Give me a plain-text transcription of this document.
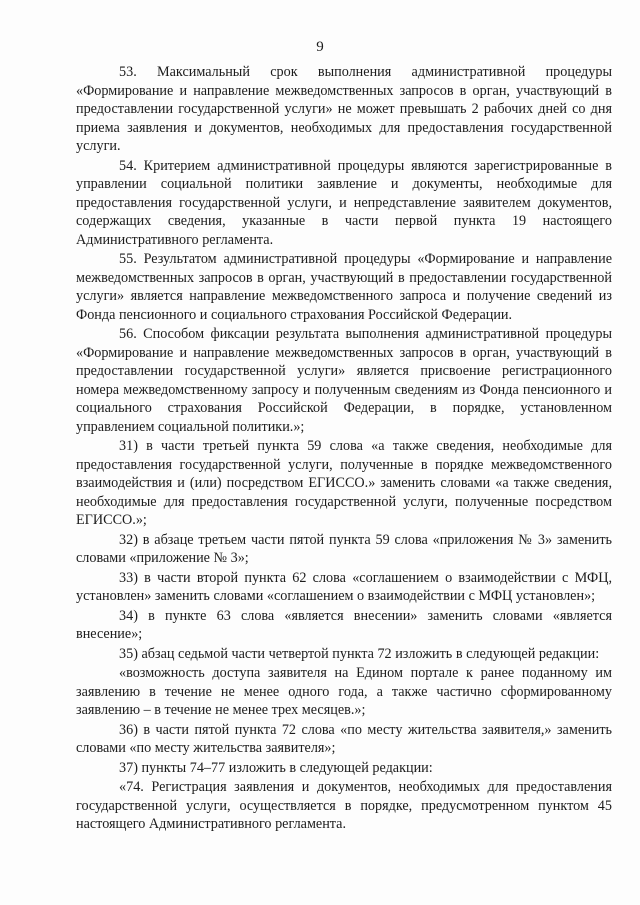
9

53. Максимальный срок выполнения административной процедуры «Формирование и направление межведомственных запросов в орган, участвующий в предоставлении государственной услуги» не может превышать 2 рабочих дней со дня приема заявления и документов, необходимых для предоставления государственной услуги.

54. Критерием административной процедуры являются зарегистрированные в управлении социальной политики заявление и документы, необходимые для предоставления государственной услуги, и непредставление заявителем документов, содержащих сведения, указанные в части первой пункта 19 настоящего Административного регламента.

55. Результатом административной процедуры «Формирование и направление межведомственных запросов в орган, участвующий в предоставлении государственной услуги» является направление межведомственного запроса и получение сведений из Фонда пенсионного и социального страхования Российской Федерации.

56. Способом фиксации результата выполнения административной процедуры «Формирование и направление межведомственных запросов в орган, участвующий в предоставлении государственной услуги» является присвоение регистрационного номера межведомственному запросу и полученным сведениям из Фонда пенсионного и социального страхования Российской Федерации, в порядке, установленном управлением социальной политики.»;

31) в части третьей пункта 59 слова «а также сведения, необходимые для предоставления государственной услуги, полученные в порядке межведомственного взаимодействия и (или) посредством ЕГИССО.» заменить словами «а также сведения, необходимые для предоставления государственной услуги, полученные посредством ЕГИССО.»;

32) в абзаце третьем части пятой пункта 59 слова «приложения № 3» заменить словами «приложение № 3»;

33) в части второй пункта 62 слова «соглашением о взаимодействии с МФЦ, установлен» заменить словами «соглашением о взаимодействии с МФЦ установлен»;

34) в пункте 63 слова «является внесении» заменить словами «является внесение»;

35) абзац седьмой части четвертой пункта 72 изложить в следующей редакции:

«возможность доступа заявителя на Едином портале к ранее поданному им заявлению в течение не менее одного года, а также частично сформированному заявлению – в течение не менее трех месяцев.»;

36) в части пятой пункта 72 слова «по месту жительства заявителя,» заменить словами «по месту жительства заявителя»;

37) пункты 74–77 изложить в следующей редакции:

«74. Регистрация заявления и документов, необходимых для предоставления государственной услуги, осуществляется в порядке, предусмотренном пунктом 45 настоящего Административного регламента.
